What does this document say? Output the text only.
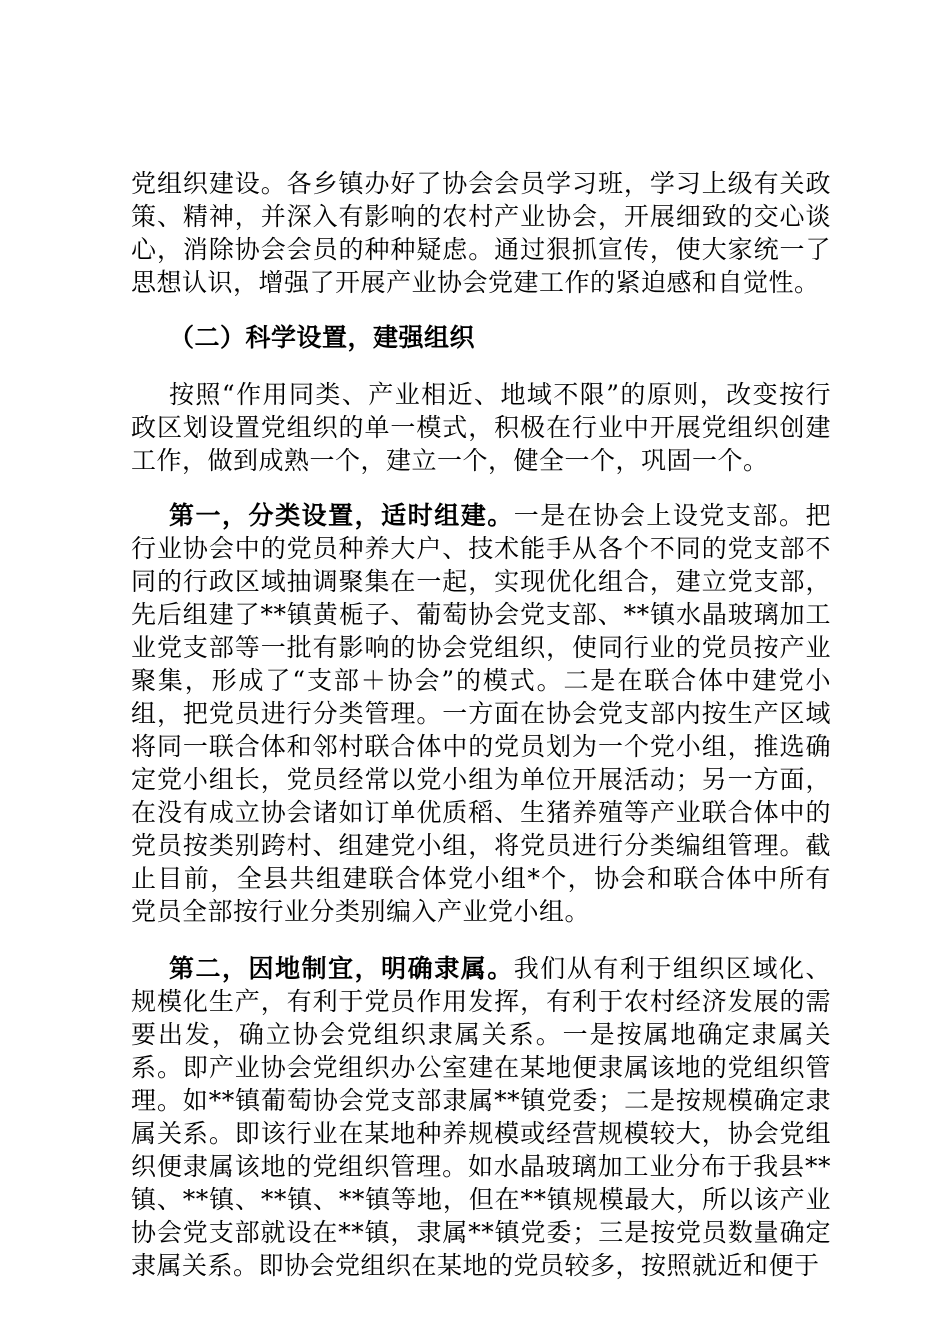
党组织建设。各乡镇办好了协会会员学习班，学习上级有关政策、精神，并深入有影响的农村产业协会，开展细致的交心谈心，消除协会会员的种种疑虑。通过狠抓宣传，使大家统一了思想认识，增强了开展产业协会党建工作的紧迫感和自觉性。

（二）科学设置，建强组织

按照“作用同类、产业相近、地域不限”的原则，改变按行政区划设置党组织的单一模式，积极在行业中开展党组织创建工作，做到成熟一个，建立一个，健全一个，巩固一个。

第一，分类设置，适时组建。一是在协会上设党支部。把行业协会中的党员种养大户、技术能手从各个不同的党支部不同的行政区域抽调聚集在一起，实现优化组合，建立党支部，先后组建了**镇黄栀子、葡萄协会党支部、**镇水晶玻璃加工业党支部等一批有影响的协会党组织，使同行业的党员按产业聚集，形成了“支部＋协会”的模式。二是在联合体中建党小组，把党员进行分类管理。一方面在协会党支部内按生产区域将同一联合体和邻村联合体中的党员划为一个党小组，推选确定党小组长，党员经常以党小组为单位开展活动；另一方面，在没有成立协会诸如订单优质稻、生猪养殖等产业联合体中的党员按类别跨村、组建党小组，将党员进行分类编组管理。截止目前，全县共组建联合体党小组*个，协会和联合体中所有党员全部按行业分类别编入产业党小组。

第二，因地制宜，明确隶属。我们从有利于组织区域化、规模化生产，有利于党员作用发挥，有利于农村经济发展的需要出发，确立协会党组织隶属关系。一是按属地确定隶属关系。即产业协会党组织办公室建在某地便隶属该地的党组织管理。如**镇葡萄协会党支部隶属**镇党委；二是按规模确定隶属关系。即该行业在某地种养规模或经营规模较大，协会党组织便隶属该地的党组织管理。如水晶玻璃加工业分布于我县**镇、**镇、**镇、**镇等地，但在**镇规模最大，所以该产业协会党支部就设在**镇，隶属**镇党委；三是按党员数量确定隶属关系。即协会党组织在某地的党员较多，按照就近和便于
